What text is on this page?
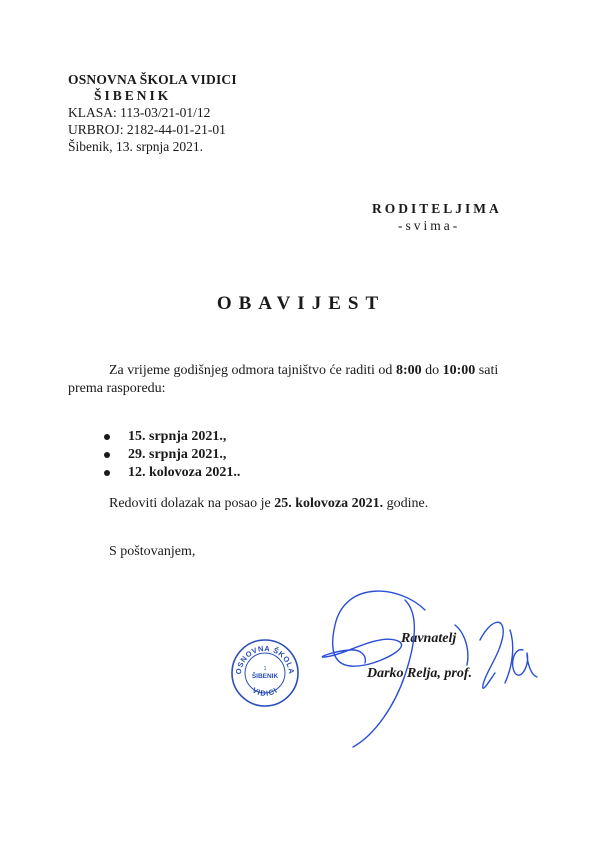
OSNOVNA ŠKOLA VIDICI
ŠIBENIK
KLASA: 113-03/21-01/12
URBROJ: 2182-44-01-21-01
Šibenik, 13. srpnja 2021.
RODITELJIMA
-svima-
OBAVIJEST
Za vrijeme godišnjeg odmora tajništvo će raditi od 8:00 do 10:00 sati
prema rasporedu:
15. srpnja 2021.,
29. srpnja 2021.,
12. kolovoza 2021..
Redoviti dolazak na posao je 25. kolovoza 2021. godine.
S poštovanjem,
OSNOVNA ŠKOLA
VIDICI
1
ŠIBENIK
Ravnatelj
Darko Relja, prof.
